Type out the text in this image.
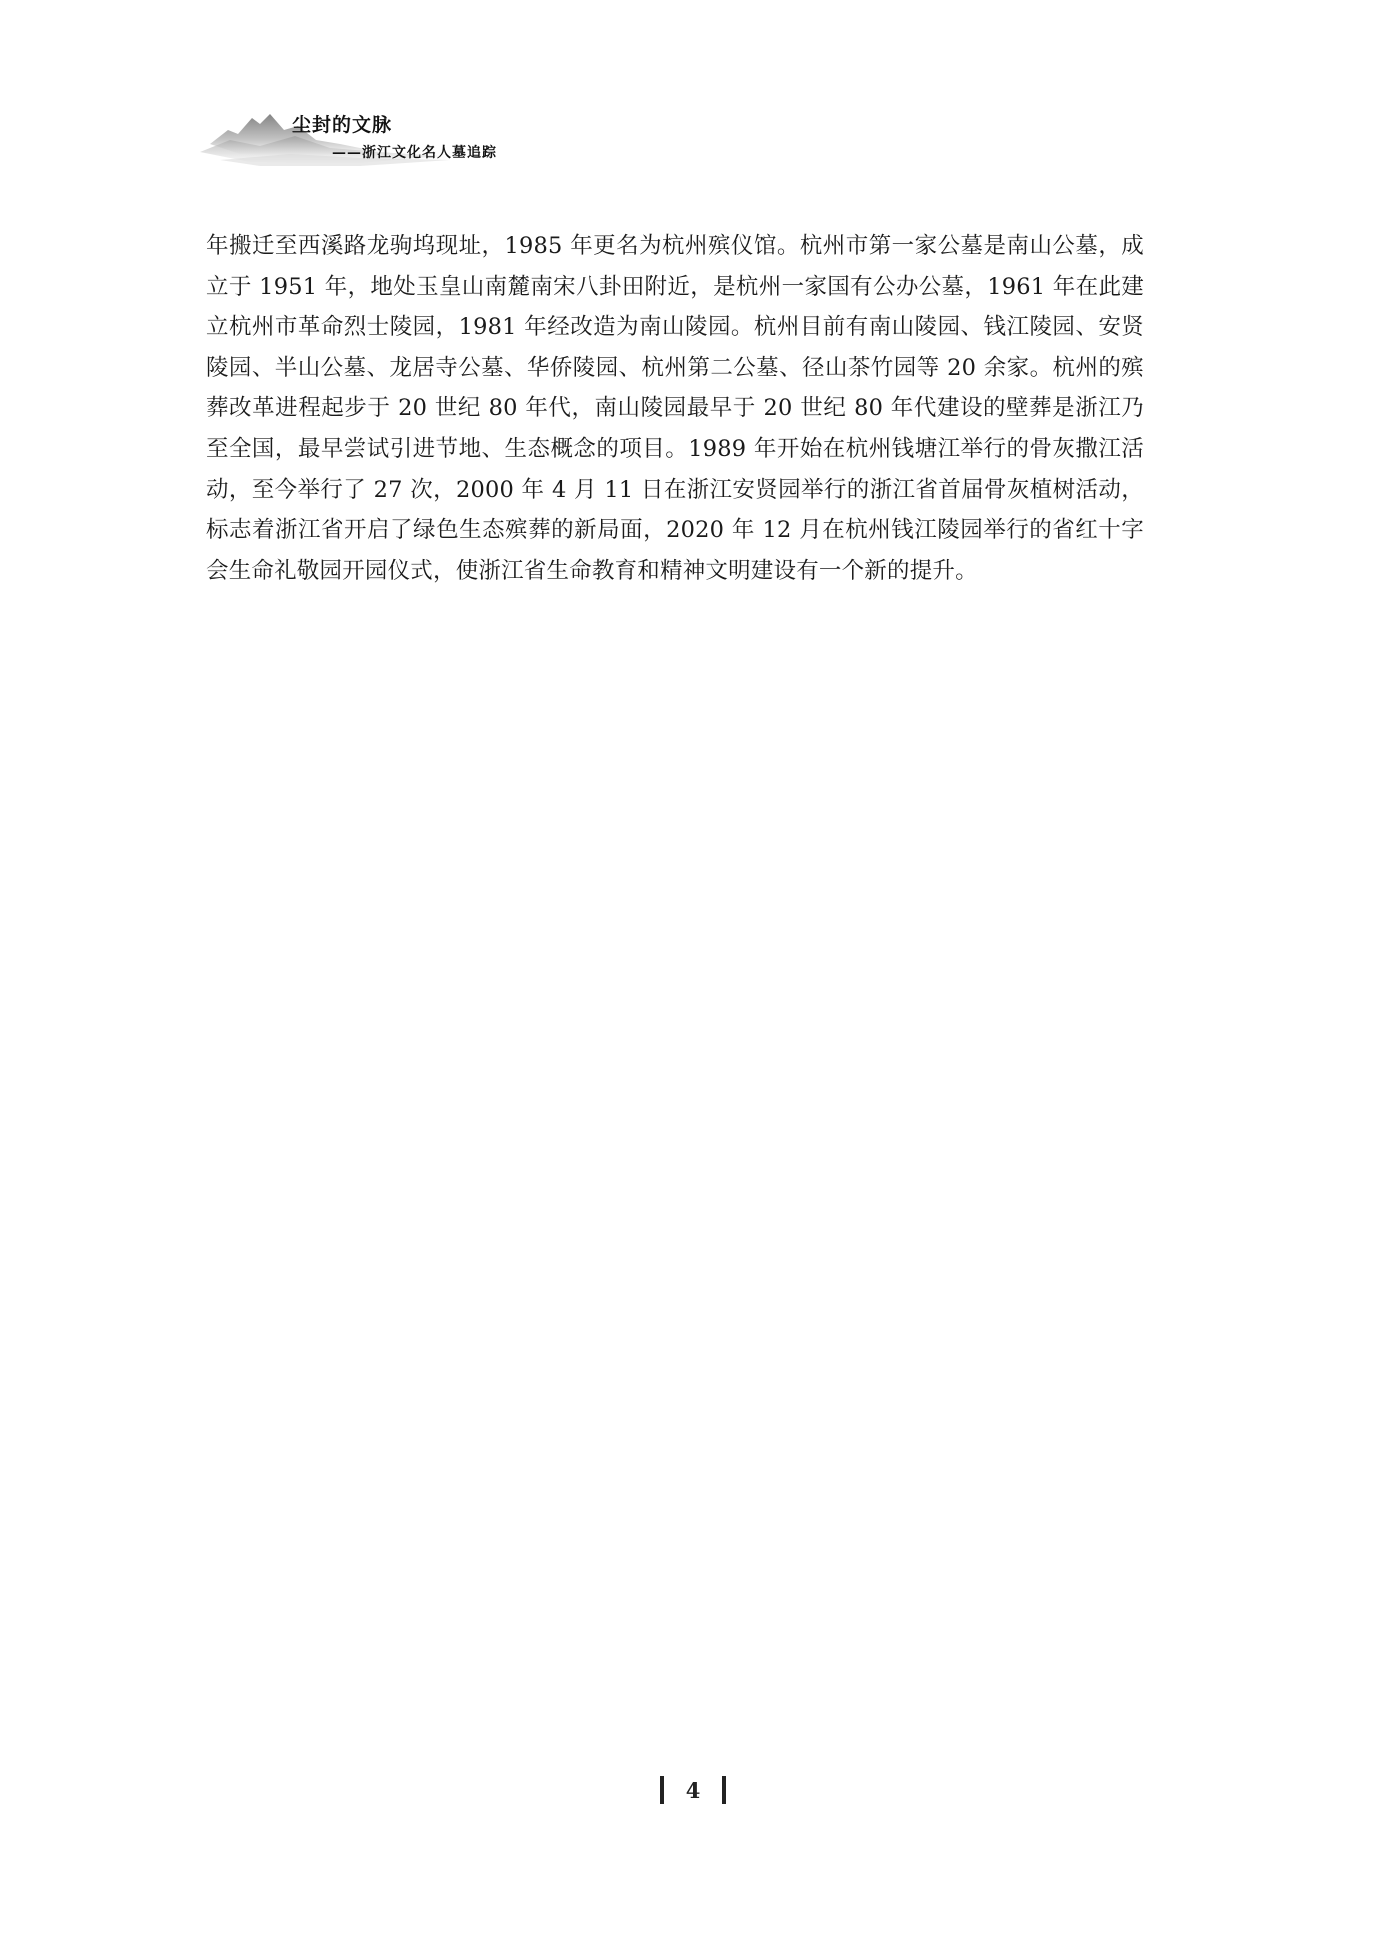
尘封的文脉
——浙江文化名人墓追踪

年搬迁至西溪路龙驹坞现址，1985 年更名为杭州殡仪馆。杭州市第一家公墓是南山公墓，成立于 1951 年，地处玉皇山南麓南宋八卦田附近，是杭州一家国有公办公墓，1961 年在此建立杭州市革命烈士陵园，1981 年经改造为南山陵园。杭州目前有南山陵园、钱江陵园、安贤陵园、半山公墓、龙居寺公墓、华侨陵园、杭州第二公墓、径山茶竹园等 20 余家。杭州的殡葬改革进程起步于 20 世纪 80 年代，南山陵园最早于 20 世纪 80 年代建设的壁葬是浙江乃至全国，最早尝试引进节地、生态概念的项目。1989 年开始在杭州钱塘江举行的骨灰撒江活动，至今举行了 27 次，2000 年 4 月 11 日在浙江安贤园举行的浙江省首届骨灰植树活动，标志着浙江省开启了绿色生态殡葬的新局面，2020 年 12 月在杭州钱江陵园举行的省红十字会生命礼敬园开园仪式，使浙江省生命教育和精神文明建设有一个新的提升。

4
